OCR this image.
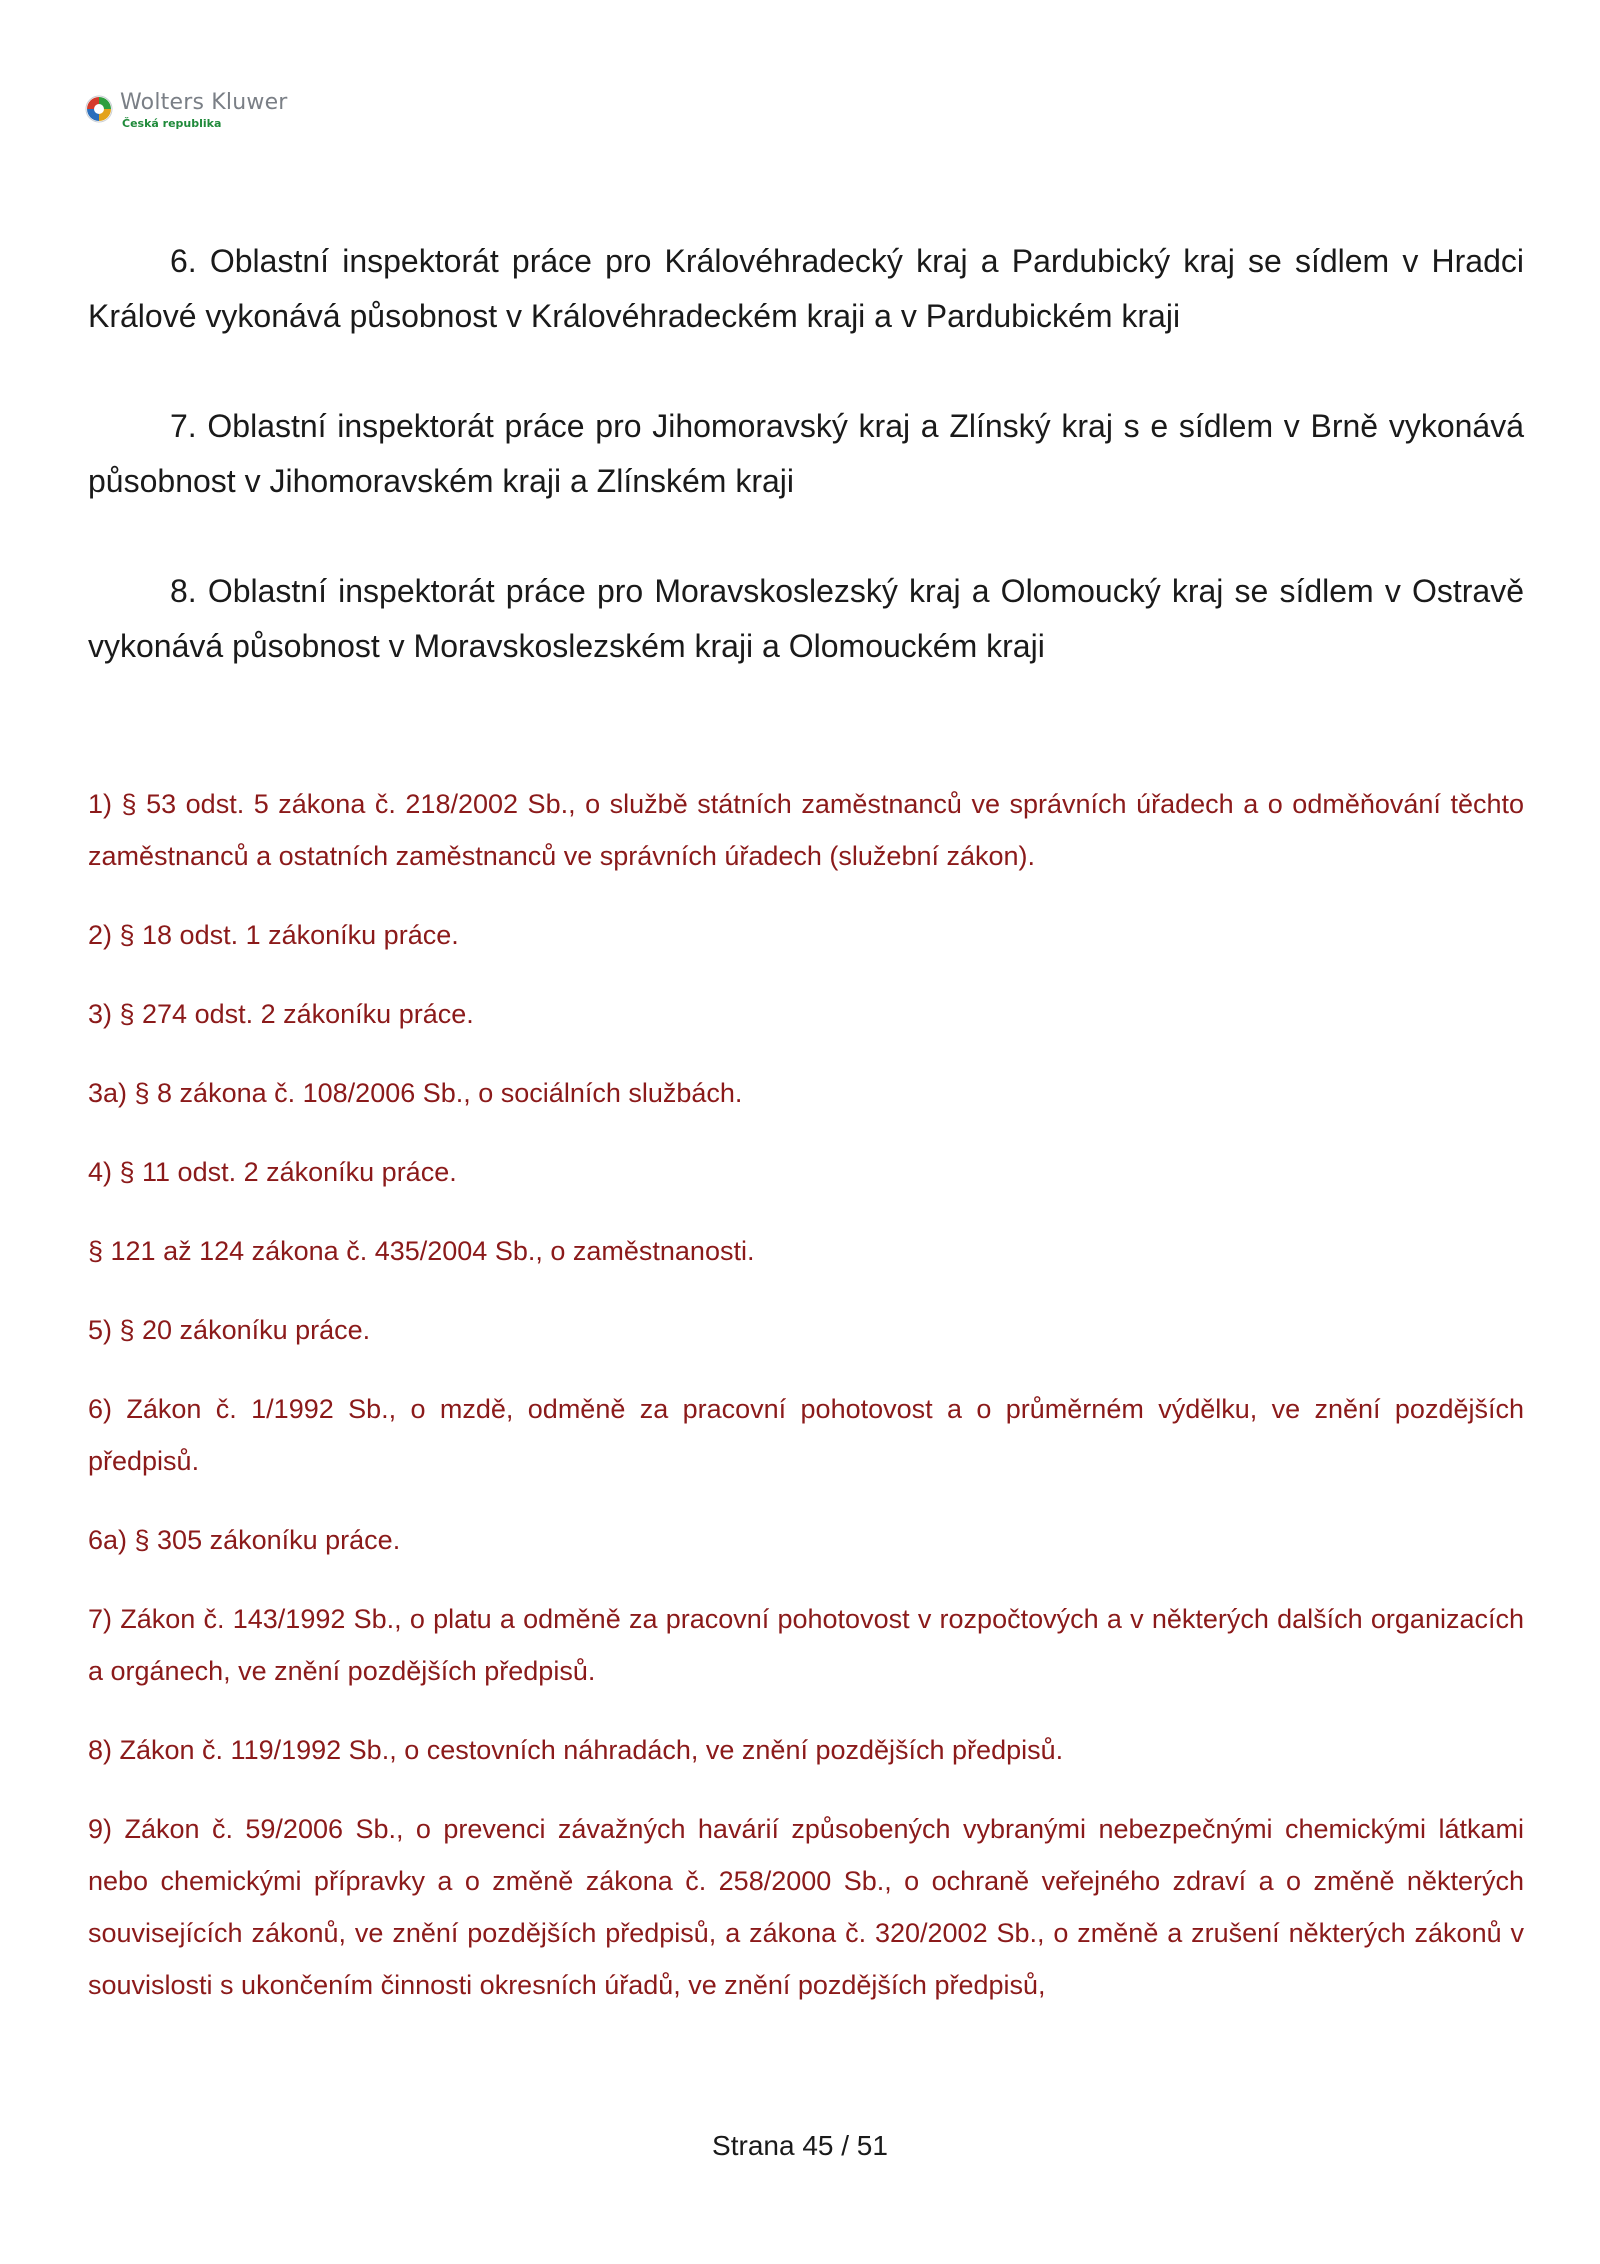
Wolters Kluwer
Česká republika

6. Oblastní inspektorát práce pro Královéhradecký kraj a Pardubický kraj se sídlem v Hradci Králové vykonává působnost v Královéhradeckém kraji a v Pardubickém kraji

7. Oblastní inspektorát práce pro Jihomoravský kraj a Zlínský kraj s e sídlem v Brně vykonává působnost v Jihomoravském kraji a Zlínském kraji

8. Oblastní inspektorát práce pro Moravskoslezský kraj a Olomoucký kraj se sídlem v Ostravě vykonává působnost v Moravskoslezském kraji a Olomouckém kraji

1) § 53 odst. 5 zákona č. 218/2002 Sb., o službě státních zaměstnanců ve správních úřadech a o odměňování těchto zaměstnanců a ostatních zaměstnanců ve správních úřadech (služební zákon).

2) § 18 odst. 1 zákoníku práce.

3) § 274 odst. 2 zákoníku práce.

3a) § 8 zákona č. 108/2006 Sb., o sociálních službách.

4) § 11 odst. 2 zákoníku práce.

§ 121 až 124 zákona č. 435/2004 Sb., o zaměstnanosti.

5) § 20 zákoníku práce.

6) Zákon č. 1/1992 Sb., o mzdě, odměně za pracovní pohotovost a o průměrném výdělku, ve znění pozdějších předpisů.

6a) § 305 zákoníku práce.

7) Zákon č. 143/1992 Sb., o platu a odměně za pracovní pohotovost v rozpočtových a v některých dalších organizacích a orgánech, ve znění pozdějších předpisů.

8) Zákon č. 119/1992 Sb., o cestovních náhradách, ve znění pozdějších předpisů.

9) Zákon č. 59/2006 Sb., o prevenci závažných havárií způsobených vybranými nebezpečnými chemickými látkami nebo chemickými přípravky a o změně zákona č. 258/2000 Sb., o ochraně veřejného zdraví a o změně některých souvisejících zákonů, ve znění pozdějších předpisů, a zákona č. 320/2002 Sb., o změně a zrušení některých zákonů v souvislosti s ukončením činnosti okresních úřadů, ve znění pozdějších předpisů,

Strana 45 / 51
